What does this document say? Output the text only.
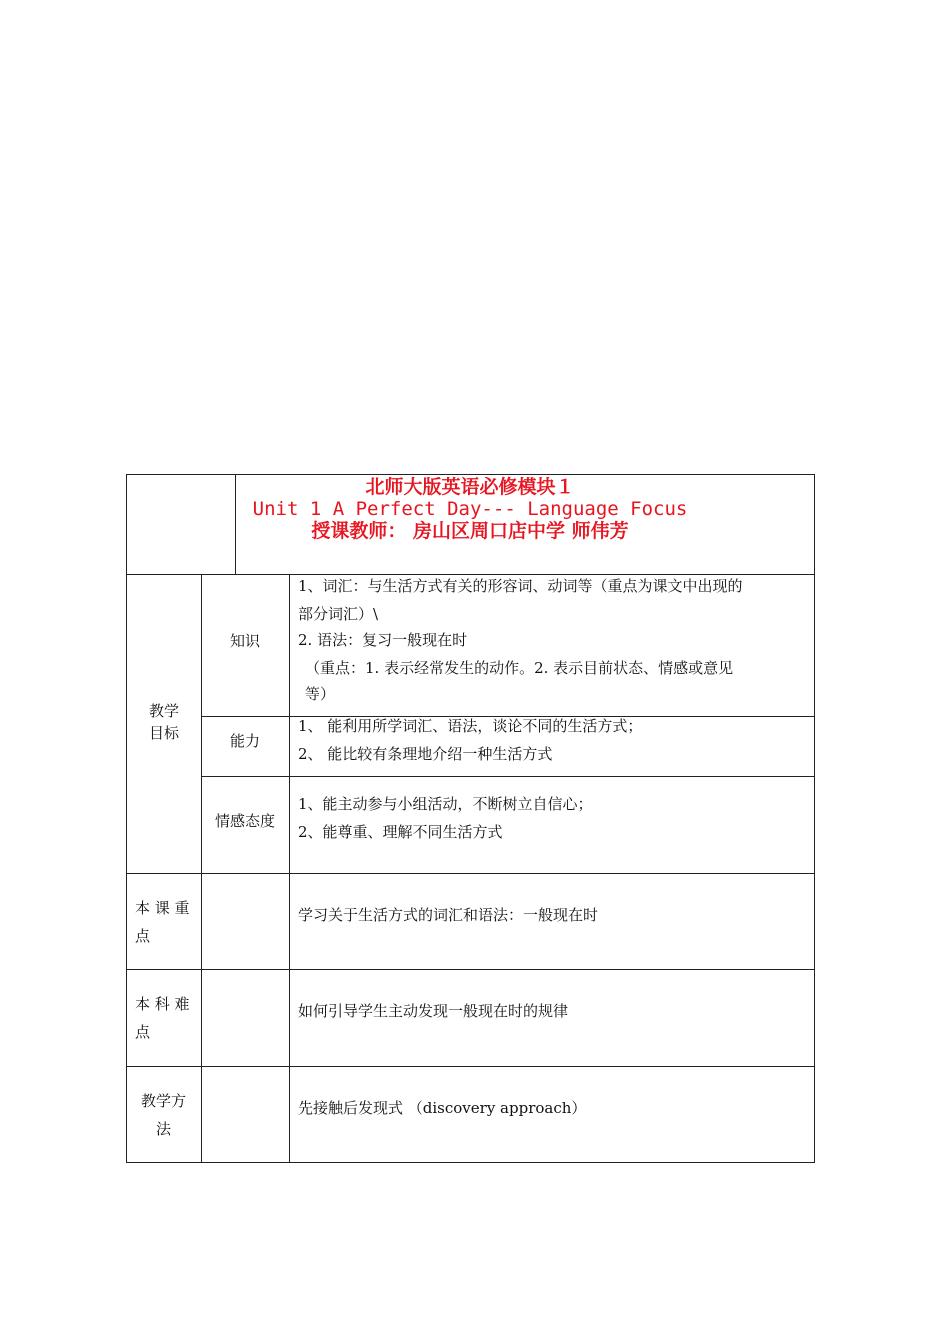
北师大版英语必修模块１
Unit 1 A Perfect Day--- Language Focus
授课教师： 房山区周口店中学 师伟芳
教学目标
知识
1、词汇：与生活方式有关的形容词、动词等（重点为课文中出现的
部分词汇）\
2. 语法：复习一般现在时
（重点：1. 表示经常发生的动作。2. 表示目前状态、情感或意见
等）
能力
1、 能利用所学词汇、语法，谈论不同的生活方式；
2、 能比较有条理地介绍一种生活方式
情感态度
1、能主动参与小组活动，不断树立自信心；
2、能尊重、理解不同生活方式
本 课 重
点
学习关于生活方式的词汇和语法：一般现在时
本 科 难
点
如何引导学生主动发现一般现在时的规律
教学方
法
先接触后发现式 （discovery approach）
